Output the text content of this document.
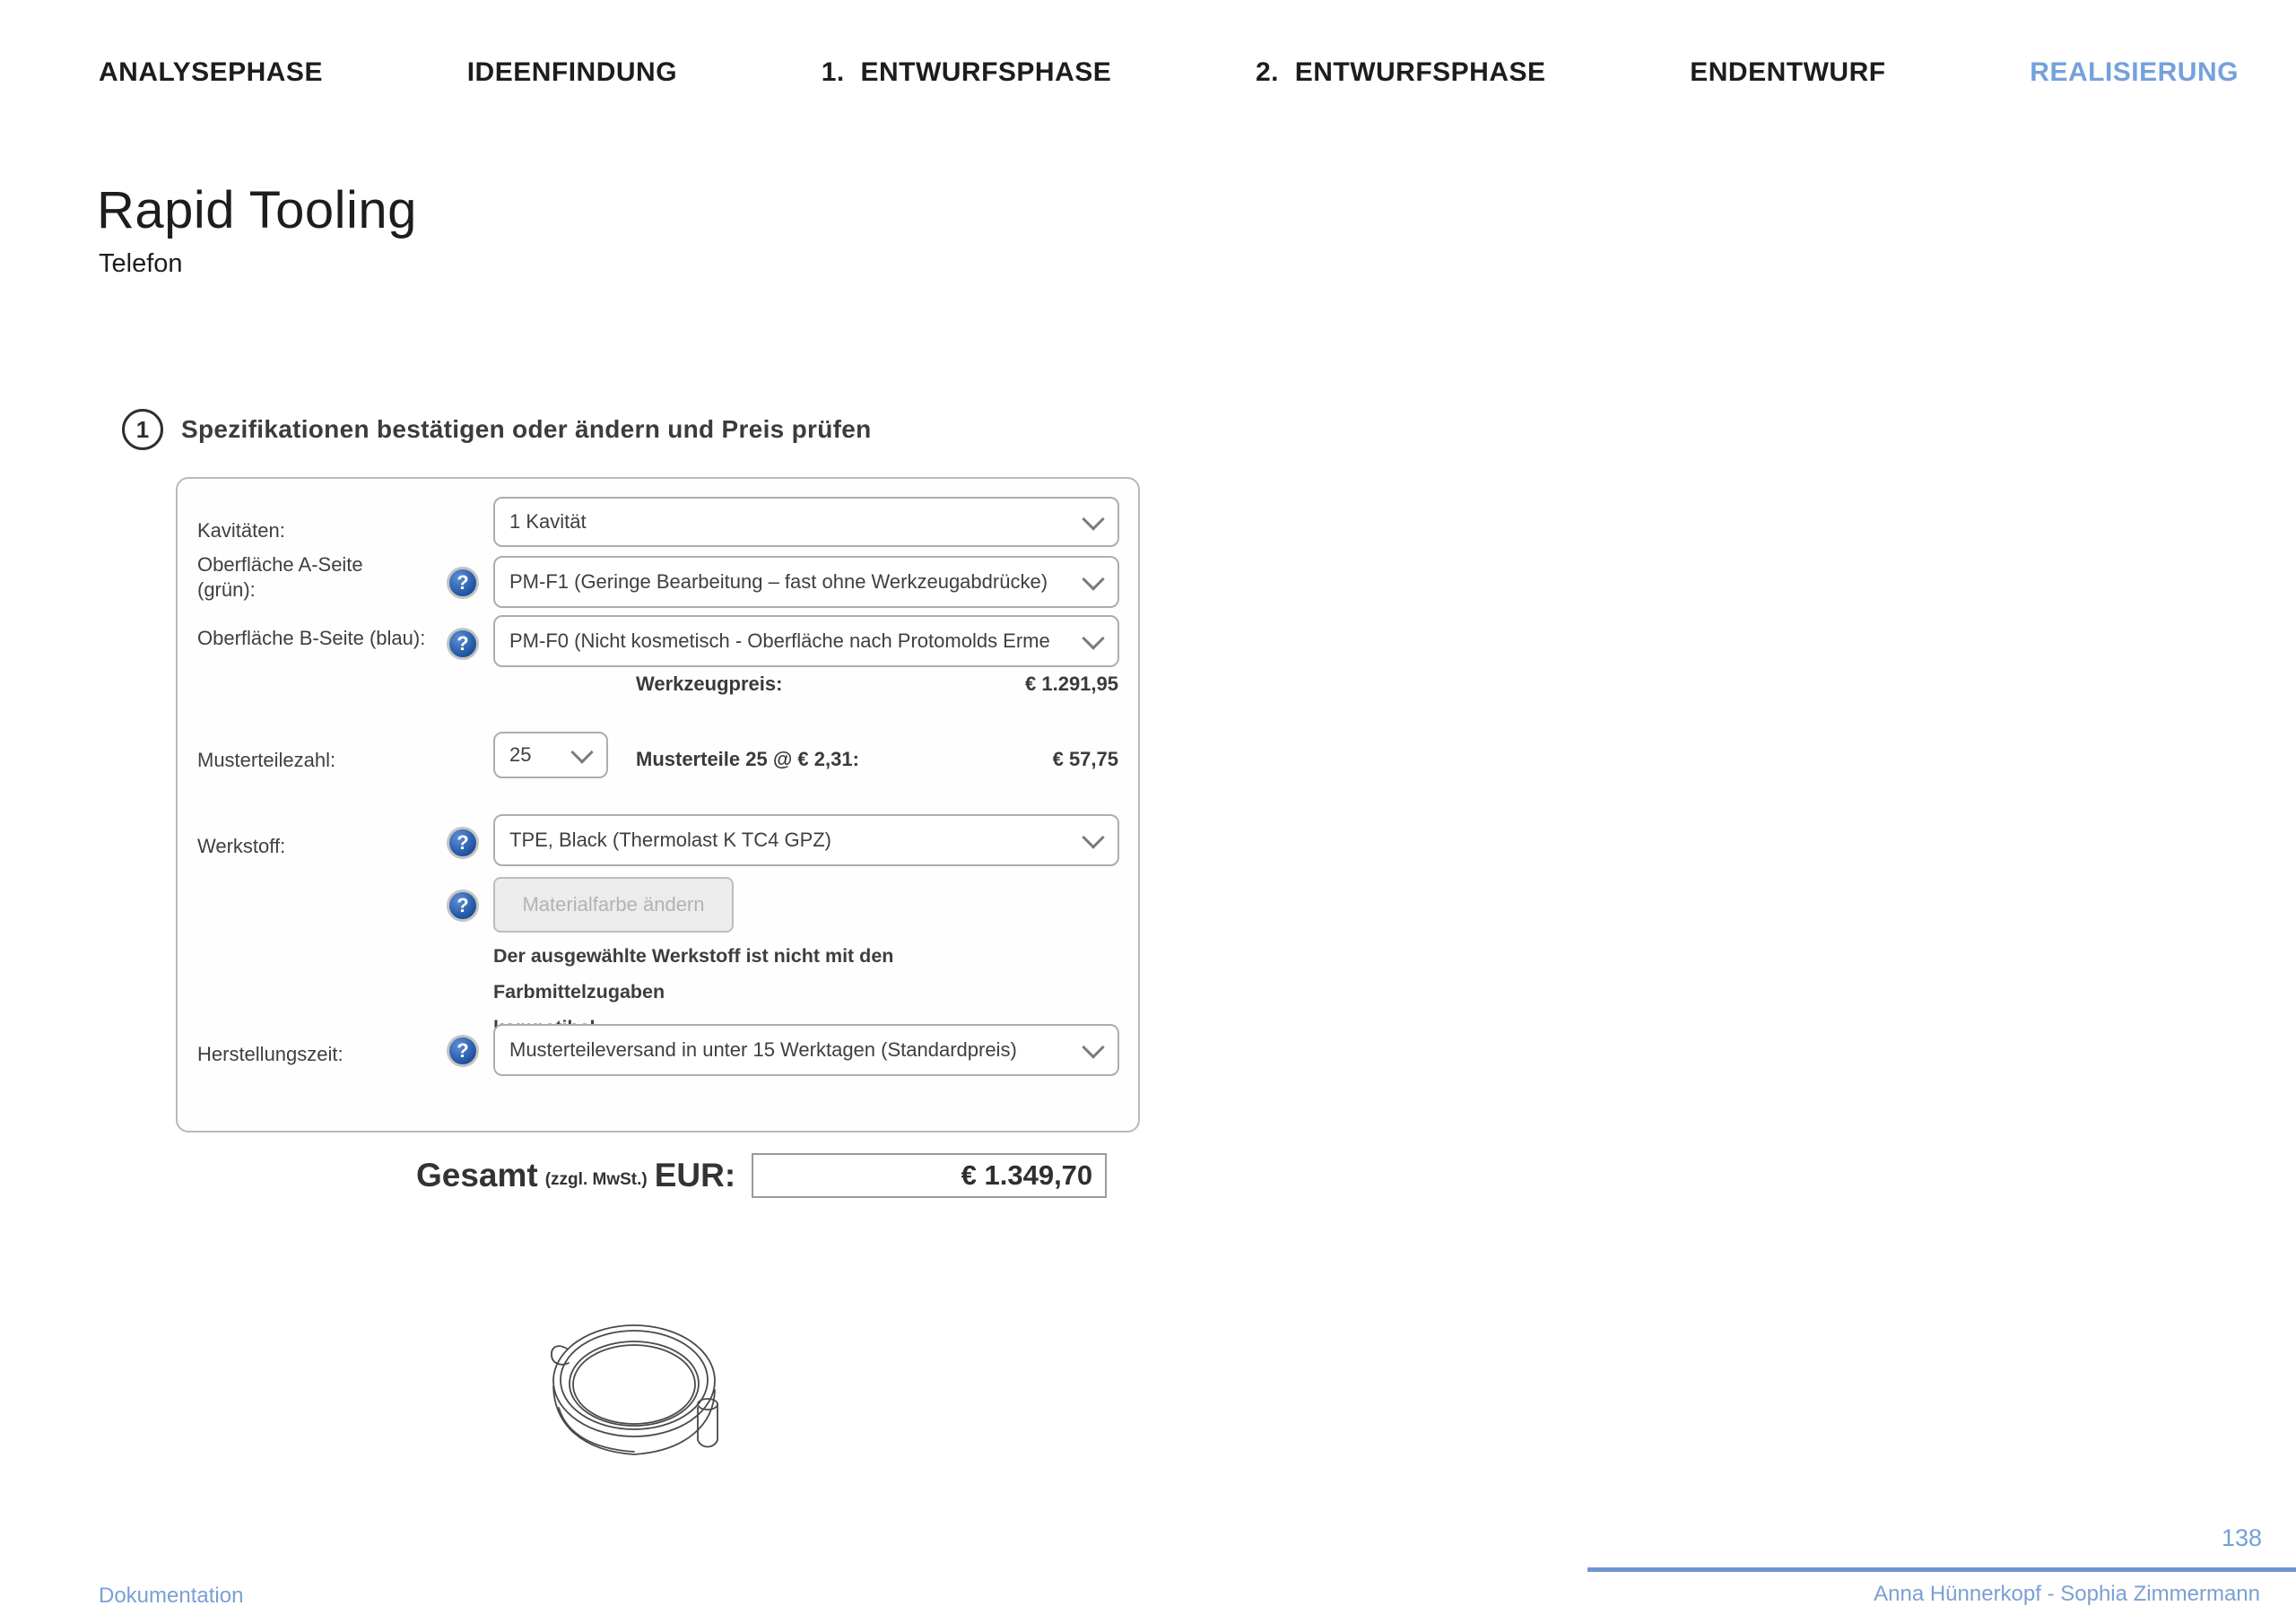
ANALYSEPHASE	IDEENFINDUNG	1.  ENTWURFSPHASE	2.  ENTWURFSPHASE	ENDENTWURF	REALISIERUNG
Rapid Tooling
Telefon
1	Spezifikationen bestätigen oder ändern und Preis prüfen
Kavitäten:	1 Kavität
Oberfläche A-Seite (grün):	?	PM-F1 (Geringe Bearbeitung – fast ohne Werkzeugabdrücke)
Oberfläche B-Seite (blau):	?	PM-F0 (Nicht kosmetisch - Oberfläche nach Protomolds Erme
Werkzeugpreis:	€ 1.291,95
Musterteilezahl:	25	Musterteile 25 @ € 2,31:	€ 57,75
Werkstoff:	?	TPE, Black (Thermolast K TC4 GPZ)
?	Materialfarbe ändern
Der ausgewählte Werkstoff ist nicht mit den Farbmittelzugaben

Herstellungszeit:	?	Musterteileversand in unter 15 Werktagen (Standardpreis)
Gesamt (zzgl. MwSt.) EUR:	€ 1.349,70
Dokumentation
138
Anna Hünnerkopf - Sophia Zimmermann
